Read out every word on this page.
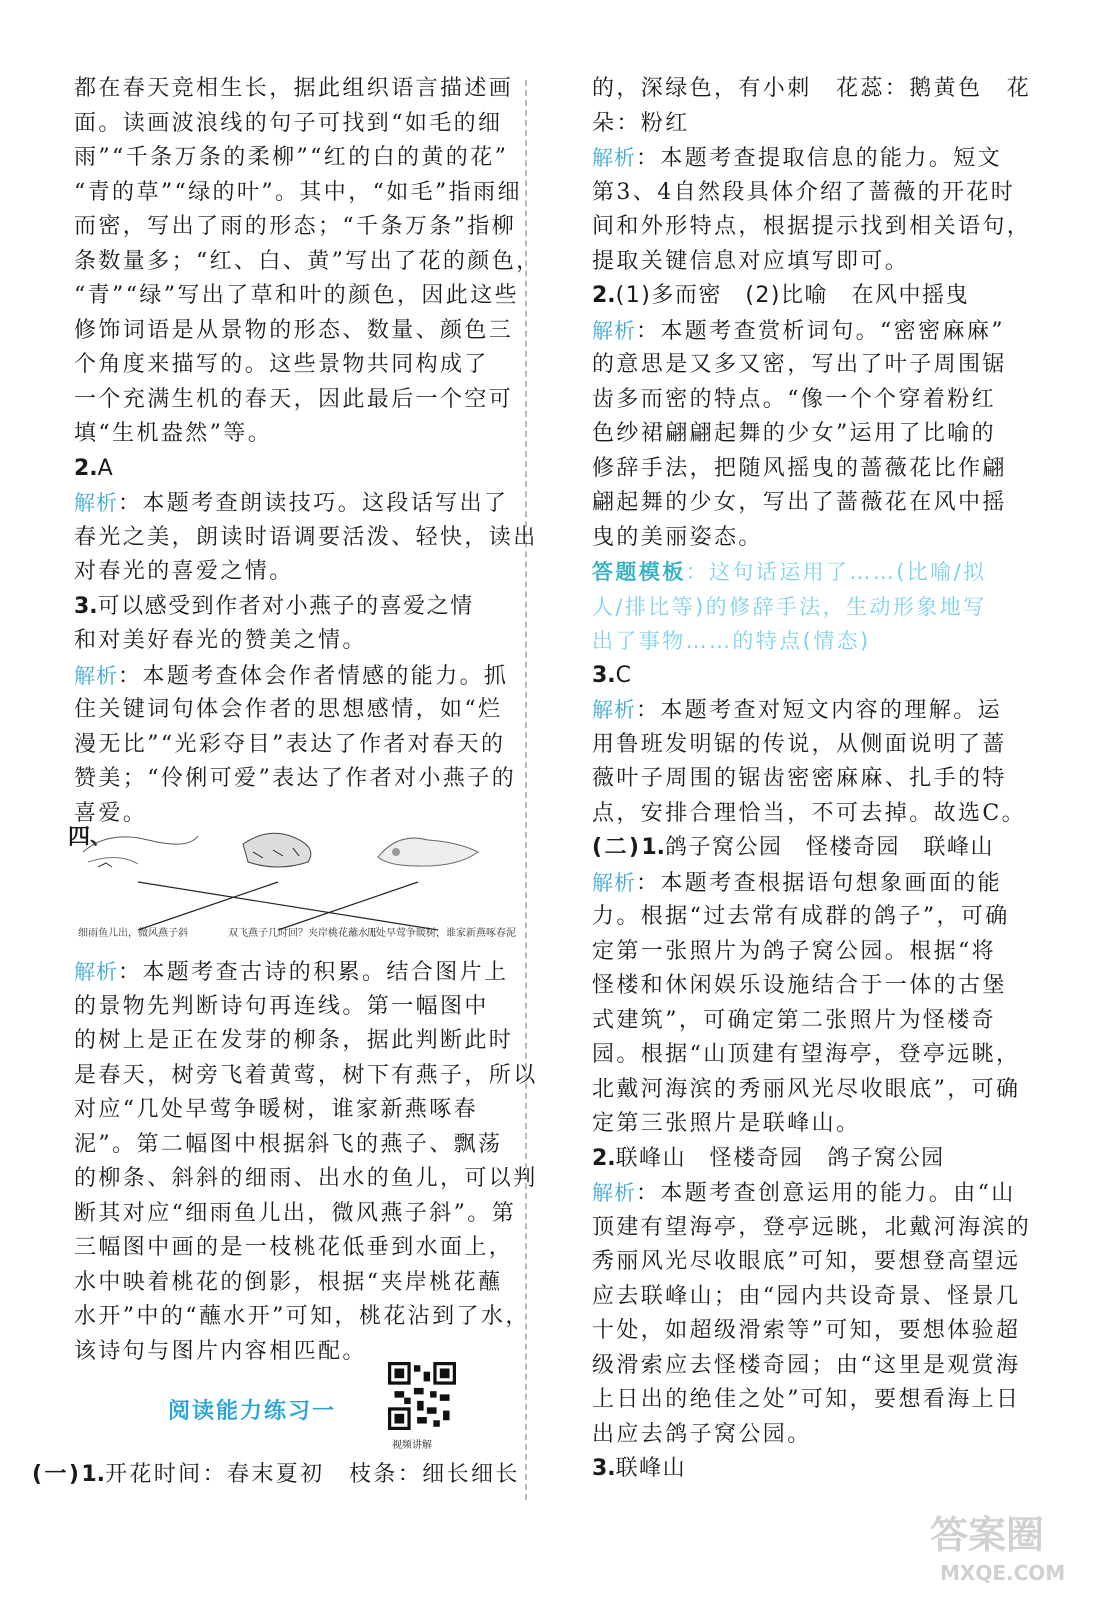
都在春天竞相生长，据此组织语言描述画
面。读画波浪线的句子可找到“如毛的细
雨”“千条万条的柔柳”“红的白的黄的花”
“青的草”“绿的叶”。其中，“如毛”指雨细
而密，写出了雨的形态；“千条万条”指柳
条数量多；“红、白、黄”写出了花的颜色，
“青”“绿”写出了草和叶的颜色，因此这些
修饰词语是从景物的形态、数量、颜色三
个角度来描写的。这些景物共同构成了
一个充满生机的春天，因此最后一个空可
填“生机盎然”等。
2.A
解析：本题考查朗读技巧。这段话写出了
春光之美，朗读时语调要活泼、轻快，读出
对春光的喜爱之情。
3.可以感受到作者对小燕子的喜爱之情
和对美好春光的赞美之情。
解析：本题考查体会作者情感的能力。抓
住关键词句体会作者的思想感情，如“烂
漫无比”“光彩夺目”表达了作者对春天的
赞美；“伶俐可爱”表达了作者对小燕子的
喜爱。
四、
细雨鱼儿出，微风燕子斜	双飞燕子几时回？夹岸桃花蘸水开
几处早莺争暖树，谁家新燕啄春泥
解析：本题考查古诗的积累。结合图片上
的景物先判断诗句再连线。第一幅图中
的树上是正在发芽的柳条，据此判断此时
是春天，树旁飞着黄莺，树下有燕子，所以
对应“几处早莺争暖树，谁家新燕啄春
泥”。第二幅图中根据斜飞的燕子、飘荡
的柳条、斜斜的细雨、出水的鱼儿，可以判
断其对应“细雨鱼儿出，微风燕子斜”。第
三幅图中画的是一枝桃花低垂到水面上，
水中映着桃花的倒影，根据“夹岸桃花蘸
水开”中的“蘸水开”可知，桃花沾到了水，
该诗句与图片内容相匹配。
阅读能力练习一
视频讲解
(一)1.开花时间：春末夏初　枝条：细长细长
的，深绿色，有小刺　花蕊：鹅黄色　花
朵：粉红
解析：本题考查提取信息的能力。短文
第3、4自然段具体介绍了蔷薇的开花时
间和外形特点，根据提示找到相关语句，
提取关键信息对应填写即可。
2.(1)多而密　(2)比喻　在风中摇曳
解析：本题考查赏析词句。“密密麻麻”
的意思是又多又密，写出了叶子周围锯
齿多而密的特点。“像一个个穿着粉红
色纱裙翩翩起舞的少女”运用了比喻的
修辞手法，把随风摇曳的蔷薇花比作翩
翩起舞的少女，写出了蔷薇花在风中摇
曳的美丽姿态。
答题模板：这句话运用了……(比喻/拟
人/排比等)的修辞手法，生动形象地写
出了事物……的特点(情态)
3.C
解析：本题考查对短文内容的理解。运
用鲁班发明锯的传说，从侧面说明了蔷
薇叶子周围的锯齿密密麻麻、扎手的特
点，安排合理恰当，不可去掉。故选C。
(二)1.鸽子窝公园　怪楼奇园　联峰山
解析：本题考查根据语句想象画面的能
力。根据“过去常有成群的鸽子”，可确
定第一张照片为鸽子窝公园。根据“将
怪楼和休闲娱乐设施结合于一体的古堡
式建筑”，可确定第二张照片为怪楼奇
园。根据“山顶建有望海亭，登亭远眺，
北戴河海滨的秀丽风光尽收眼底”，可确
定第三张照片是联峰山。
2.联峰山　怪楼奇园　鸽子窝公园
解析：本题考查创意运用的能力。由“山
顶建有望海亭，登亭远眺，北戴河海滨的
秀丽风光尽收眼底”可知，要想登高望远
应去联峰山；由“园内共设奇景、怪景几
十处，如超级滑索等”可知，要想体验超
级滑索应去怪楼奇园；由“这里是观赏海
上日出的绝佳之处”可知，要想看海上日
出应去鸽子窝公园。
3.联峰山
答案圈
MXQE.COM
